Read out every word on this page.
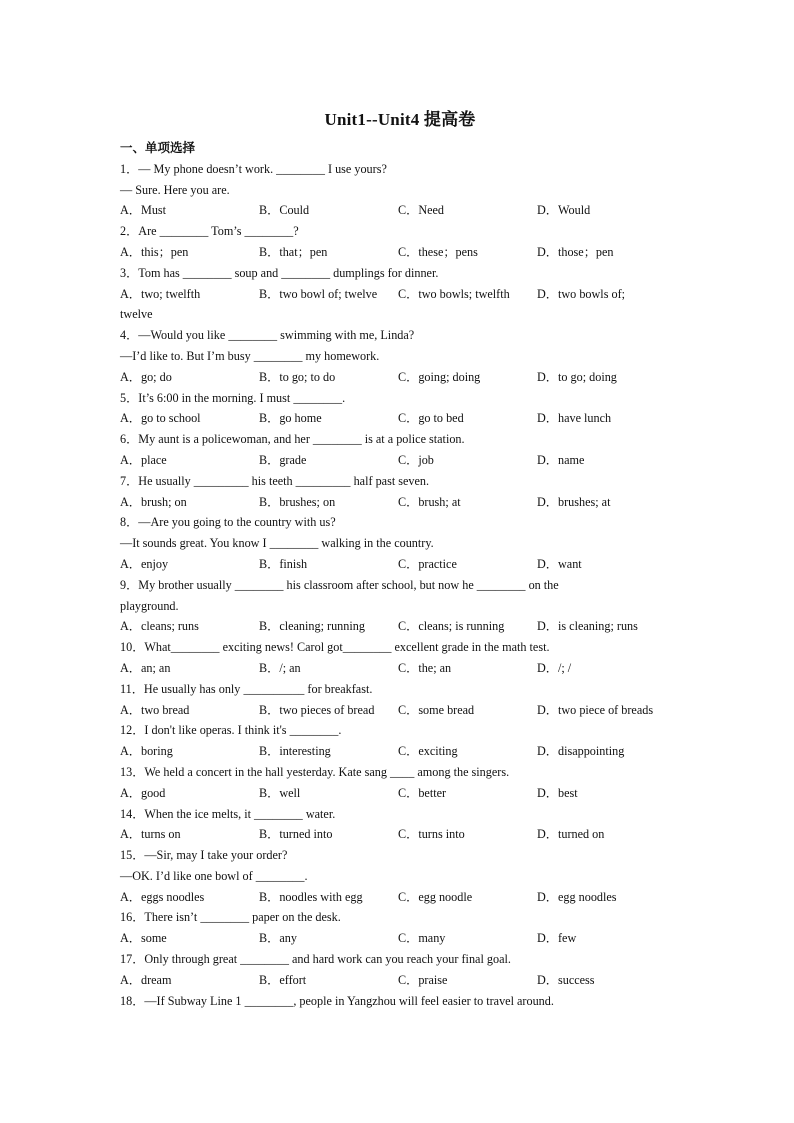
Unit1--Unit4 提高卷
一、单项选择
1．— My phone doesn’t work. ________ I use yours?
— Sure. Here you are.
A．Must	B．Could	C．Need	D．Would
2．Are ________ Tom’s ________?
A．this；pen	B．that；pen	C．these；pens	D．those；pen
3．Tom has ________ soup and ________ dumplings for dinner.
A．two; twelfth	B．two bowl of; twelve	C．two bowls; twelfth	D．two bowls of;
twelve
4．—Would you like ________ swimming with me, Linda?
—I’d like to. But I’m busy ________ my homework.
A．go; do	B．to go; to do	C．going; doing	D．to go; doing
5．It’s 6:00 in the morning. I must ________.
A．go to school	B．go home	C．go to bed	D．have lunch
6．My aunt is a policewoman, and her ________ is at a police station.
A．place	B．grade	C．job	D．name
7．He usually _________ his teeth _________ half past seven.
A．brush; on	B．brushes; on	C．brush; at	D．brushes; at
8．—Are you going to the country with us?
—It sounds great. You know I ________ walking in the country.
A．enjoy	B．finish	C．practice	D．want
9．My brother usually ________ his classroom after school, but now he ________ on the
playground.
A．cleans; runs	B．cleaning; running	C．cleans; is running	D．is cleaning; runs
10．What________ exciting news! Carol got________ excellent grade in the math test.
A．an; an	B．/; an	C．the; an	D．/; /
11．He usually has only __________ for breakfast.
A．two bread	B．two pieces of bread	C．some bread	D．two piece of breads
12．I don't like operas. I think it's ________.
A．boring	B．interesting	C．exciting	D．disappointing
13．We held a concert in the hall yesterday. Kate sang ____ among the singers.
A．good	B．well	C．better	D．best
14．When the ice melts, it ________ water.
A．turns on	B．turned into	C．turns into	D．turned on
15．—Sir, may I take your order?
—OK. I’d like one bowl of ________.
A．eggs noodles	B．noodles with egg	C．egg noodle	D．egg noodles
16．There isn’t ________ paper on the desk.
A．some	B．any	C．many	D．few
17．Only through great ________ and hard work can you reach your final goal.
A．dream	B．effort	C．praise	D．success
18．—If Subway Line 1 ________, people in Yangzhou will feel easier to travel around.
